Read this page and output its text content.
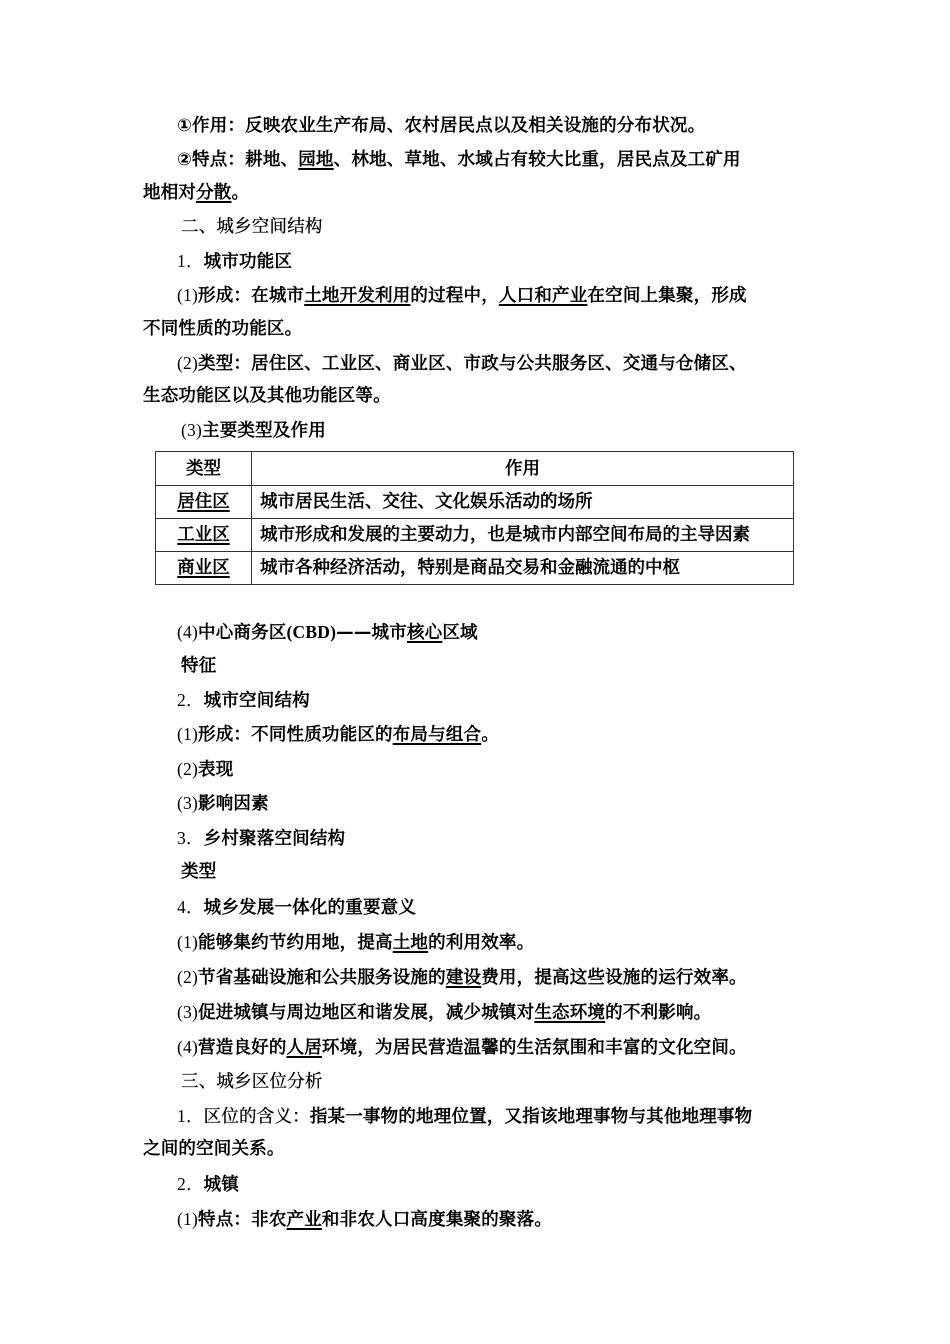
①作用：反映农业生产布局、农村居民点以及相关设施的分布状况。
②特点：耕地、园地、林地、草地、水域占有较大比重，居民点及工矿用
地相对分散。
二、城乡空间结构
1．城市功能区
(1)形成：在城市土地开发利用的过程中，人口和产业在空间上集聚，形成
不同性质的功能区。
(2)类型：居住区、工业区、商业区、市政与公共服务区、交通与仓储区、
生态功能区以及其他功能区等。
(3)主要类型及作用
类型	作用
居住区	城市居民生活、交往、文化娱乐活动的场所
工业区	城市形成和发展的主要动力，也是城市内部空间布局的主导因素
商业区	城市各种经济活动，特别是商品交易和金融流通的中枢
(4)中心商务区(CBD)——城市核心区域
特征
2．城市空间结构
(1)形成：不同性质功能区的布局与组合。
(2)表现
(3)影响因素
3．乡村聚落空间结构
类型
4．城乡发展一体化的重要意义
(1)能够集约节约用地，提高土地的利用效率。
(2)节省基础设施和公共服务设施的建设费用，提高这些设施的运行效率。
(3)促进城镇与周边地区和谐发展，减少城镇对生态环境的不利影响。
(4)营造良好的人居环境，为居民营造温馨的生活氛围和丰富的文化空间。
三、城乡区位分析
1．区位的含义：指某一事物的地理位置，又指该地理事物与其他地理事物
之间的空间关系。
2．城镇
(1)特点：非农产业和非农人口高度集聚的聚落。
